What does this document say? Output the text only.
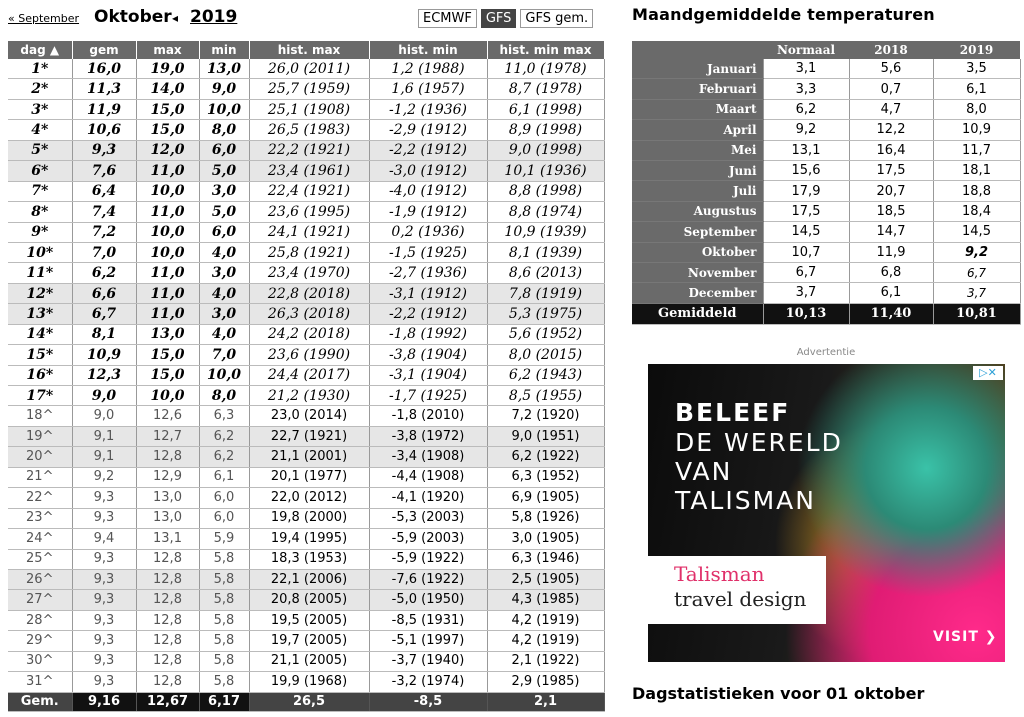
« September Oktober ◂ 2019	ECMWF	GFS	GFS gem.
dag ▲	gem	max	min	hist. max	hist. min	hist. min max
1*	16,0	19,0	13,0	26,0 (2011)	1,2 (1988)	11,0 (1978)
2*	11,3	14,0	9,0	25,7 (1959)	1,6 (1957)	8,7 (1978)
3*	11,9	15,0	10,0	25,1 (1908)	-1,2 (1936)	6,1 (1998)
4*	10,6	15,0	8,0	26,5 (1983)	-2,9 (1912)	8,9 (1998)
5*	9,3	12,0	6,0	22,2 (1921)	-2,2 (1912)	9,0 (1998)
6*	7,6	11,0	5,0	23,4 (1961)	-3,0 (1912)	10,1 (1936)
7*	6,4	10,0	3,0	22,4 (1921)	-4,0 (1912)	8,8 (1998)
8*	7,4	11,0	5,0	23,6 (1995)	-1,9 (1912)	8,8 (1974)
9*	7,2	10,0	6,0	24,1 (1921)	0,2 (1936)	10,9 (1939)
10*	7,0	10,0	4,0	25,8 (1921)	-1,5 (1925)	8,1 (1939)
11*	6,2	11,0	3,0	23,4 (1970)	-2,7 (1936)	8,6 (2013)
12*	6,6	11,0	4,0	22,8 (2018)	-3,1 (1912)	7,8 (1919)
13*	6,7	11,0	3,0	26,3 (2018)	-2,2 (1912)	5,3 (1975)
14*	8,1	13,0	4,0	24,2 (2018)	-1,8 (1992)	5,6 (1952)
15*	10,9	15,0	7,0	23,6 (1990)	-3,8 (1904)	8,0 (2015)
16*	12,3	15,0	10,0	24,4 (2017)	-3,1 (1904)	6,2 (1943)
17*	9,0	10,0	8,0	21,2 (1930)	-1,7 (1925)	8,5 (1955)
18^	9,0	12,6	6,3	23,0 (2014)	-1,8 (2010)	7,2 (1920)
19^	9,1	12,7	6,2	22,7 (1921)	-3,8 (1972)	9,0 (1951)
20^	9,1	12,8	6,2	21,1 (2001)	-3,4 (1908)	6,2 (1922)
21^	9,2	12,9	6,1	20,1 (1977)	-4,4 (1908)	6,3 (1952)
22^	9,3	13,0	6,0	22,0 (2012)	-4,1 (1920)	6,9 (1905)
23^	9,3	13,0	6,0	19,8 (2000)	-5,3 (2003)	5,8 (1926)
24^	9,4	13,1	5,9	19,4 (1995)	-5,9 (2003)	3,0 (1905)
25^	9,3	12,8	5,8	18,3 (1953)	-5,9 (1922)	6,3 (1946)
26^	9,3	12,8	5,8	22,1 (2006)	-7,6 (1922)	2,5 (1905)
27^	9,3	12,8	5,8	20,8 (2005)	-5,0 (1950)	4,3 (1985)
28^	9,3	12,8	5,8	19,5 (2005)	-8,5 (1931)	4,2 (1919)
29^	9,3	12,8	5,8	19,7 (2005)	-5,1 (1997)	4,2 (1919)
30^	9,3	12,8	5,8	21,1 (2005)	-3,7 (1940)	2,1 (1922)
31^	9,3	12,8	5,8	19,9 (1968)	-3,2 (1974)	2,9 (1985)
Gem.	9,16	12,67	6,17	26,5	-8,5	2,1
Maandgemiddelde temperaturen
	Normaal	2018	2019
Januari	3,1	5,6	3,5
Februari	3,3	0,7	6,1
Maart	6,2	4,7	8,0
April	9,2	12,2	10,9
Mei	13,1	16,4	11,7
Juni	15,6	17,5	18,1
Juli	17,9	20,7	18,8
Augustus	17,5	18,5	18,4
September	14,5	14,7	14,5
Oktober	10,7	11,9	9,2
November	6,7	6,8	6,7
December	3,7	6,1	3,7
Gemiddeld	10,13	11,40	10,81
Advertentie
▷✕
BELEEF
DE WERELD
VAN
TALISMAN
Talisman
travel design
VISIT ❯
Dagstatistieken voor 01 oktober
